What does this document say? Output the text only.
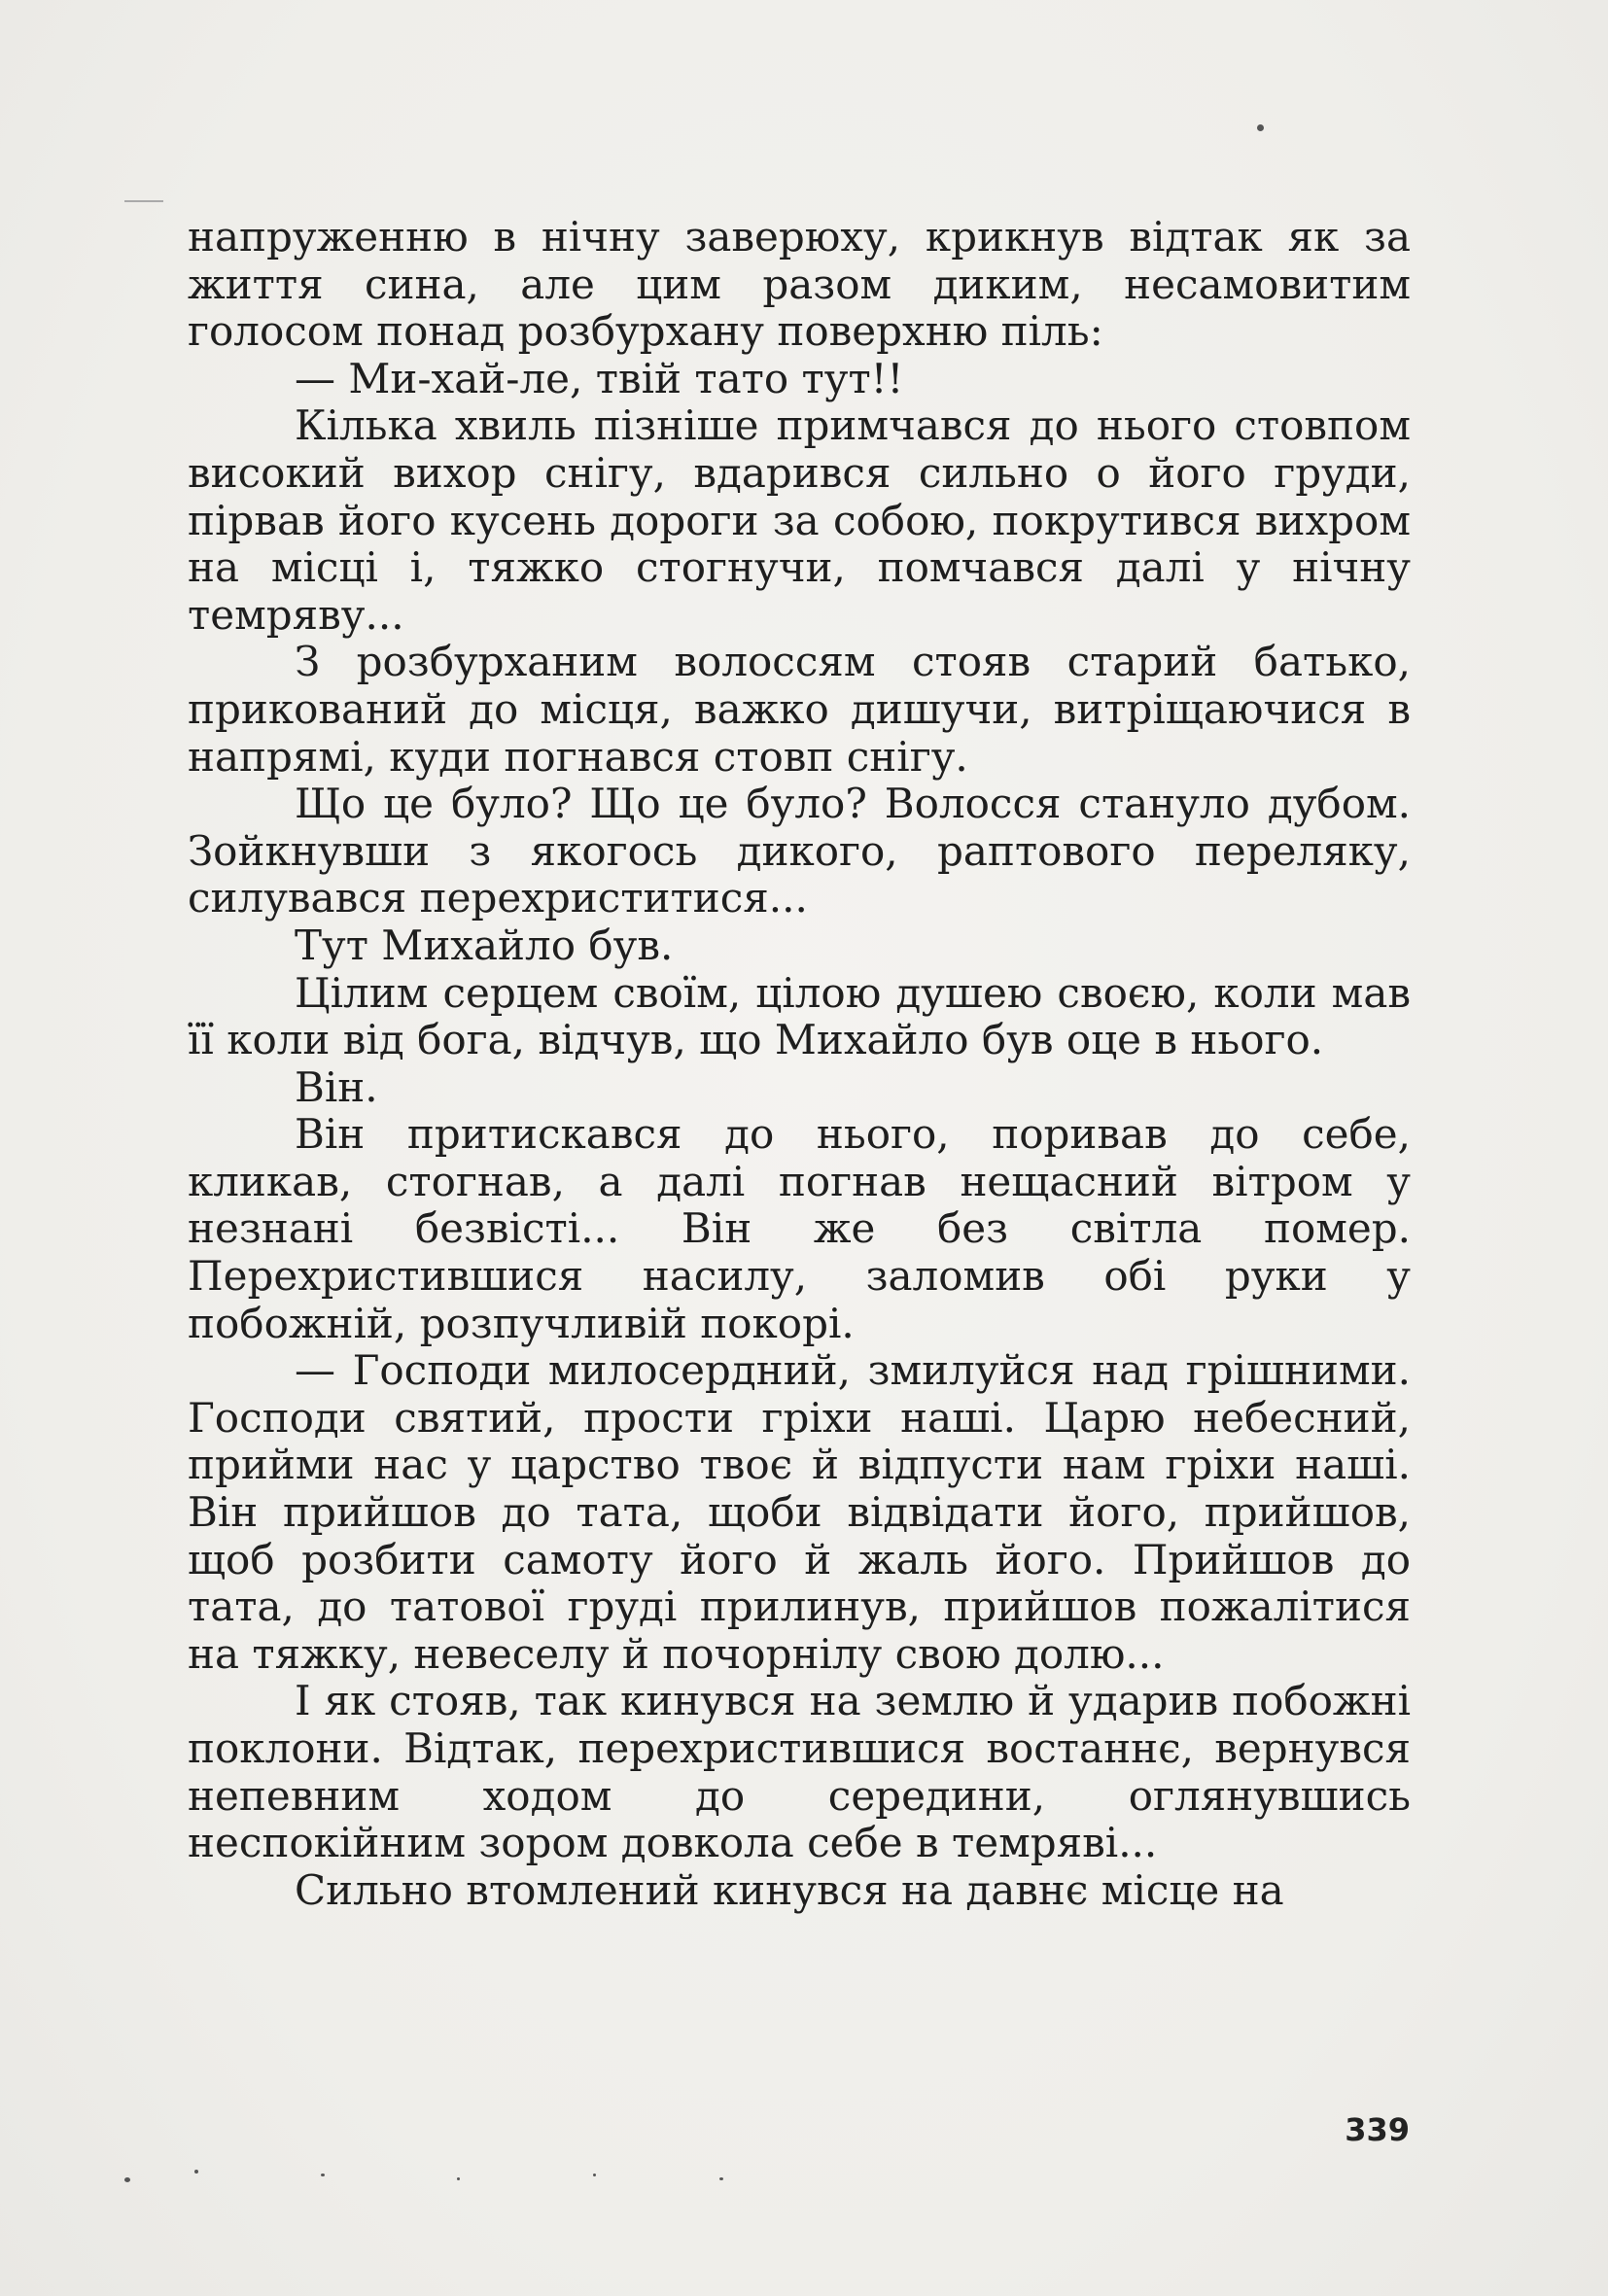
напруженню в нічну заверюху, крикнув відтак як за життя сина, але цим разом диким, несамовитим голосом понад розбурхану поверхню піль:

— Ми-хай-ле, твій тато тут!!

Кілька хвиль пізніше примчався до нього стовпом високий вихор снігу, вдарився сильно о його груди, пірвав його кусень дороги за собою, покрутився вихром на місці і, тяжко стогнучи, помчався далі у нічну темряву...

З розбурханим волоссям стояв старий батько, прикований до місця, важко дишучи, витріщаючися в напрямі, куди погнався стовп снігу.

Що це було? Що це було? Волосся стануло дубом. Зойкнувши з якогось дикого, раптового переляку, силувався перехриститися...

Тут Михайло був.

Цілим серцем своїм, цілою душею своєю, коли мав її коли від бога, відчув, що Михайло був оце в нього.

Він.

Він притискався до нього, поривав до себе, кликав, стогнав, а далі погнав нещасний вітром у незнані безвісті... Він же без світла помер. Перехристившися насилу, заломив обі руки у побожній, розпучливій покорі.

— Господи милосердний, змилуйся над грішними. Господи святий, прости гріхи наші. Царю небесний, прийми нас у царство твоє й відпусти нам гріхи наші. Він прийшов до тата, щоби відвідати його, прийшов, щоб розбити самоту його й жаль його. Прийшов до тата, до татової груді прилинув, прийшов пожалітися на тяжку, невеселу й почорнілу свою долю...

І як стояв, так кинувся на землю й ударив побожні поклони. Відтак, перехристившися востаннє, вернувся непевним ходом до середини, оглянувшись неспокійним зором довкола себе в темряві...

Сильно втомлений кинувся на давнє місце на

339
